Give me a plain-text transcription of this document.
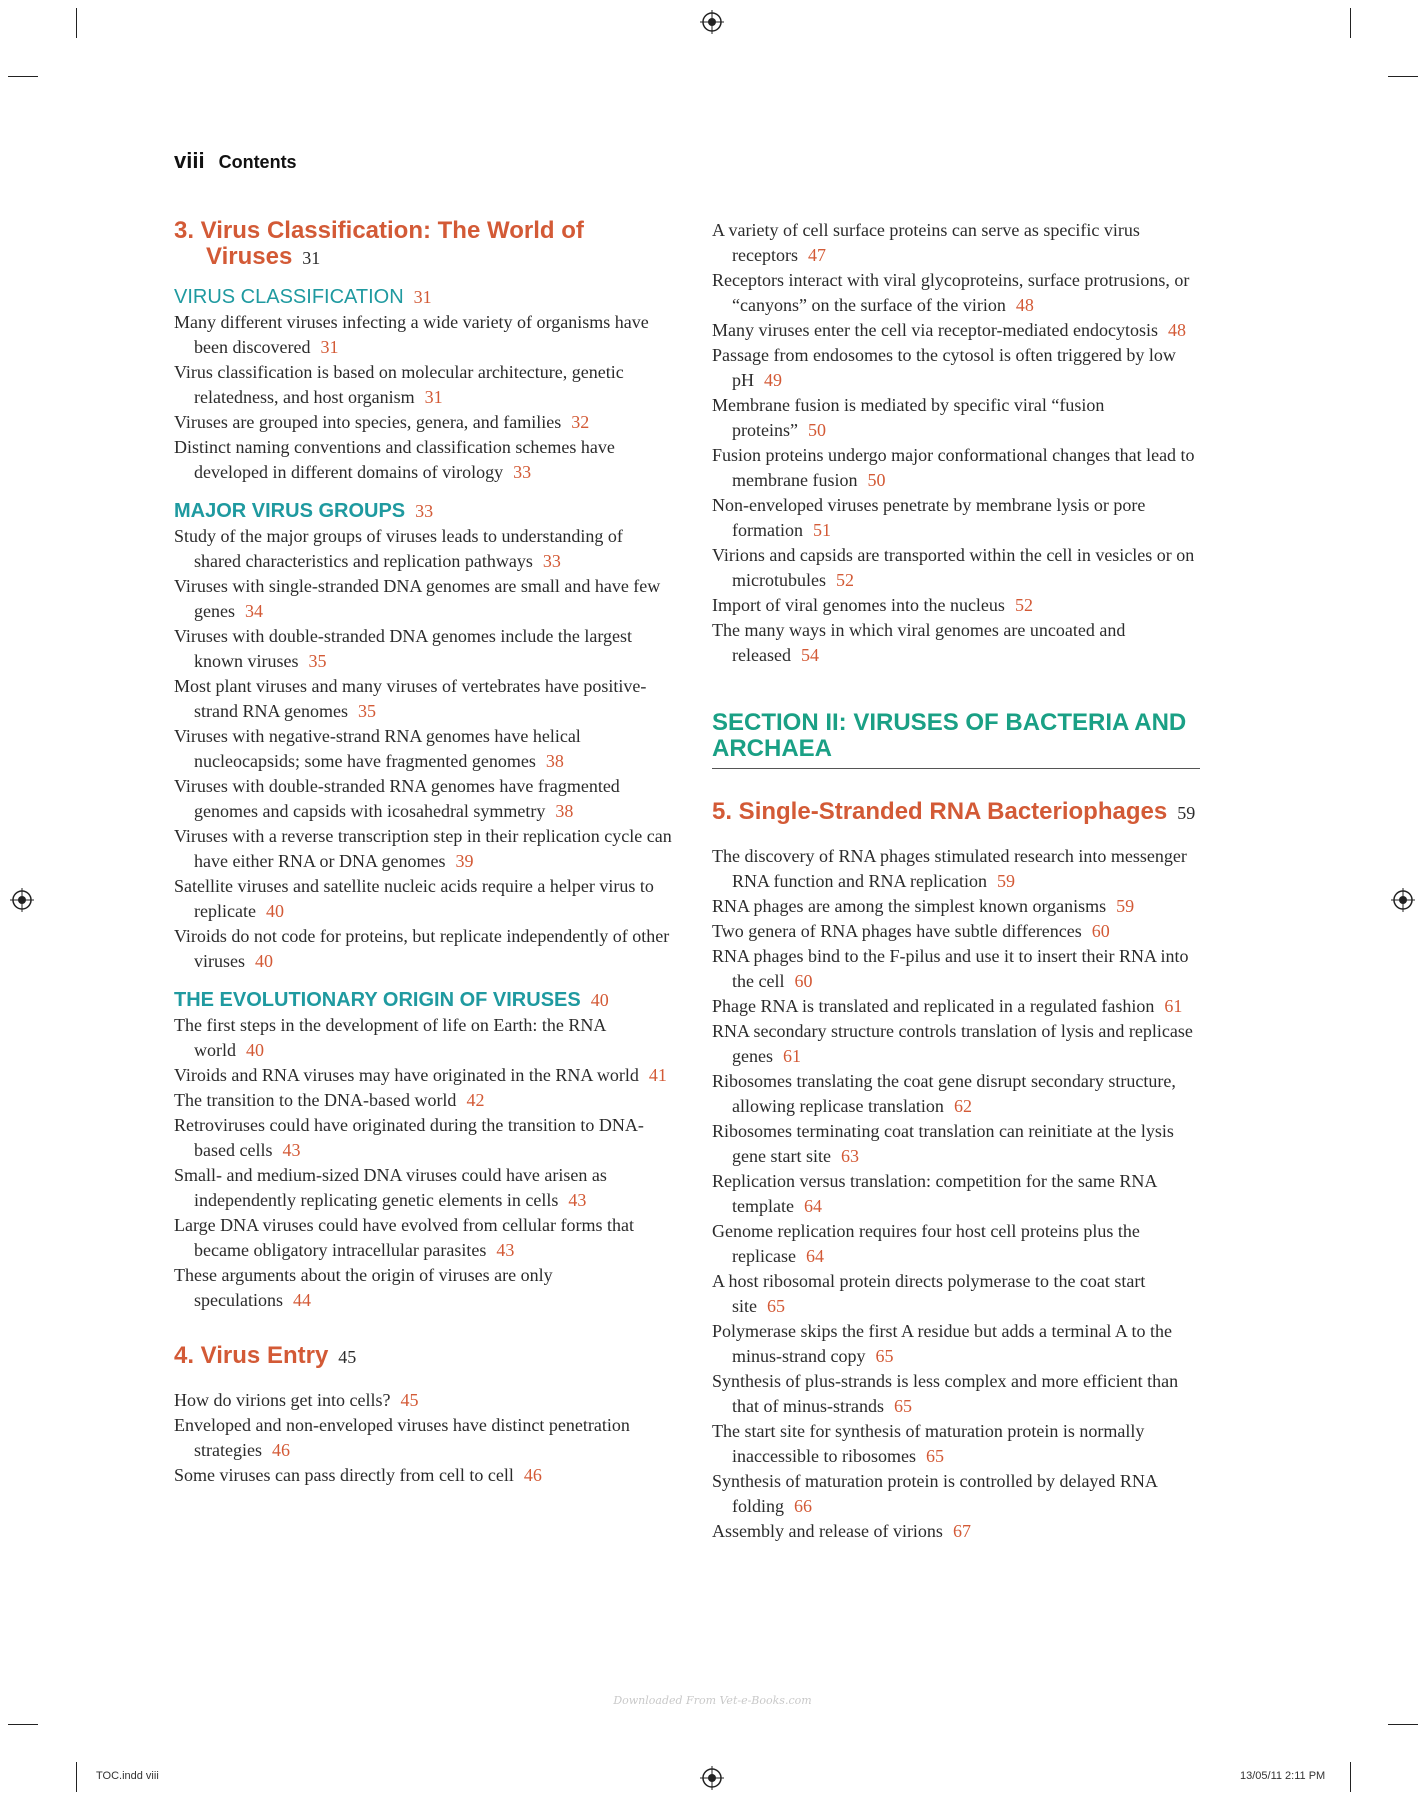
viii Contents
3. Virus Classification: The World of Viruses 31
VIRUS CLASSIFICATION 31
Many different viruses infecting a wide variety of organisms have been discovered 31
Virus classification is based on molecular architecture, genetic relatedness, and host organism 31
Viruses are grouped into species, genera, and families 32
Distinct naming conventions and classification schemes have developed in different domains of virology 33
MAJOR VIRUS GROUPS 33
Study of the major groups of viruses leads to understanding of shared characteristics and replication pathways 33
Viruses with single-stranded DNA genomes are small and have few genes 34
Viruses with double-stranded DNA genomes include the largest known viruses 35
Most plant viruses and many viruses of vertebrates have positive-strand RNA genomes 35
Viruses with negative-strand RNA genomes have helical nucleocapsids; some have fragmented genomes 38
Viruses with double-stranded RNA genomes have fragmented genomes and capsids with icosahedral symmetry 38
Viruses with a reverse transcription step in their replication cycle can have either RNA or DNA genomes 39
Satellite viruses and satellite nucleic acids require a helper virus to replicate 40
Viroids do not code for proteins, but replicate independently of other viruses 40
THE EVOLUTIONARY ORIGIN OF VIRUSES 40
The first steps in the development of life on Earth: the RNA world 40
Viroids and RNA viruses may have originated in the RNA world 41
The transition to the DNA-based world 42
Retroviruses could have originated during the transition to DNA-based cells 43
Small- and medium-sized DNA viruses could have arisen as independently replicating genetic elements in cells 43
Large DNA viruses could have evolved from cellular forms that became obligatory intracellular parasites 43
These arguments about the origin of viruses are only speculations 44
4. Virus Entry 45
How do virions get into cells? 45
Enveloped and non-enveloped viruses have distinct penetration strategies 46
Some viruses can pass directly from cell to cell 46
A variety of cell surface proteins can serve as specific virus receptors 47
Receptors interact with viral glycoproteins, surface protrusions, or “canyons” on the surface of the virion 48
Many viruses enter the cell via receptor-mediated endocytosis 48
Passage from endosomes to the cytosol is often triggered by low pH 49
Membrane fusion is mediated by specific viral “fusion proteins” 50
Fusion proteins undergo major conformational changes that lead to membrane fusion 50
Non-enveloped viruses penetrate by membrane lysis or pore formation 51
Virions and capsids are transported within the cell in vesicles or on microtubules 52
Import of viral genomes into the nucleus 52
The many ways in which viral genomes are uncoated and released 54
SECTION II: VIRUSES OF BACTERIA AND ARCHAEA
5. Single-Stranded RNA Bacteriophages 59
The discovery of RNA phages stimulated research into messenger RNA function and RNA replication 59
RNA phages are among the simplest known organisms 59
Two genera of RNA phages have subtle differences 60
RNA phages bind to the F-pilus and use it to insert their RNA into the cell 60
Phage RNA is translated and replicated in a regulated fashion 61
RNA secondary structure controls translation of lysis and replicase genes 61
Ribosomes translating the coat gene disrupt secondary structure, allowing replicase translation 62
Ribosomes terminating coat translation can reinitiate at the lysis gene start site 63
Replication versus translation: competition for the same RNA template 64
Genome replication requires four host cell proteins plus the replicase 64
A host ribosomal protein directs polymerase to the coat start site 65
Polymerase skips the first A residue but adds a terminal A to the minus-strand copy 65
Synthesis of plus-strands is less complex and more efficient than that of minus-strands 65
The start site for synthesis of maturation protein is normally inaccessible to ribosomes 65
Synthesis of maturation protein is controlled by delayed RNA folding 66
Assembly and release of virions 67
Downloaded From Vet-e-Books.com
TOC.indd viii	13/05/11 2:11 PM
